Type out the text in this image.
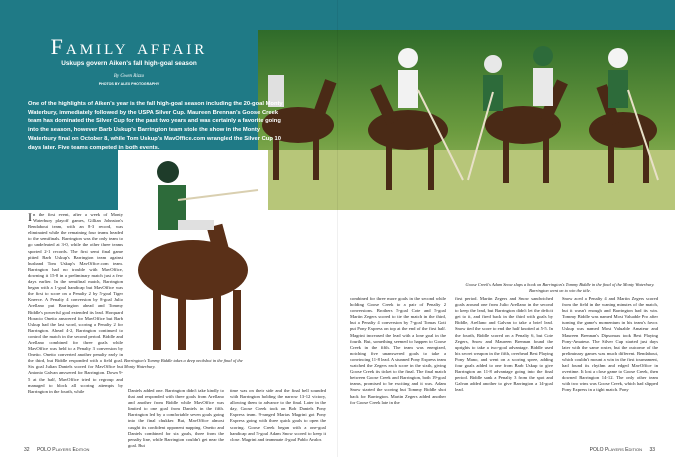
Family affair
Uskups govern Aiken's fall high-goal season
By Gwen Rizzo
PHOTOS BY ALEX PHOTOGRAPHY
One of the highlights of Aiken's year is the fall high-goal season including the 20-goal Monty Waterbury, immediately followed by the USPA Silver Cup. Maureen Brennan's Goose Creek team has dominated the Silver Cup for the past two years and was certainly a favorite going into the season, however Barb Uskup's Barrington team stole the show in the Monty Waterbury final on October 8, while Tom Uskup's MavOffice.com wrangled the Silver Cup 10 days later. Five teams competed in both events.
In the first event, after a week of Monty Waterbury playoff games, Gillian Johnston's Bendabout team, with an 8-3 record, was eliminated while the remaining four teams headed to the semifinals. Barrington was the only team to go undefeated at 3-0, while the other three teams sported 2-1 records. The first semi final game pitted Barb Uskup's Barrington team against husband Tom Uskup's MavOffice.com team. Barrington had no trouble with MavOffice, downing it 15-8 in a preliminary match just a few days earlier. In the semifinal match, Barrington began with a 1-goal handicap but MavOffice was the first to score on a Penalty 2 by 5-goal Tiger Kneece. A Penalty 4 conversion by 8-goal Julio Arellano put Barrington ahead and Tommy Biddle's powerful goal extended its lead. Horquard Horacio Onetto answered for MavOffice but Barb Uskup had the last word, scoring a Penalty 2 for Barrington. Ahead 4-2, Barrington continued to control the match in the second period. Biddle and Arellano combined for three goals while MavOffice was held to a Penalty 3 conversion by Onetto. Onetto converted another penalty early in the third, but Biddle responded with a field goal. Six goal Julian Daniels scored for MavOffice but Antonio Galvan answered for Barrington. Down 9-5 at the half, MavOffice tried to regroup and managed to block all scoring attempts by Barrington in the fourth, while	Daniels added one. Barrington didn't take kindly to that and responded with three goals from Arellano and another from Biddle while MavOffice was limited to one goal from Daniels in the fifth. Barrington led by a comfortable seven goals going into the final chukker. But, MavOffice almost caught its confident opponent napping. Onetto and Daniels combined for six goals, three from the penalty line, while Barrington couldn't get near the goal. But
time was on their side and the final bell sounded with Barrington holding the narrow 13-12 victory, allowing them to advance to the final. Later in the day, Goose Creek took on Bob Daniels Pony Express team. 9-ranged Marias Magrini got Pony Express going with three quick goals to open the scoring. Goose Creek began with a one-goal handicap and 5-goal Adam Snow scored to keep it close. Magrini and teammate 4-goal Pablo Avalos
combined for three more goals in the second while holding Goose Creek to a pair of Penalty 2 conversions. Brothers 5-goal Cote and 5-goal Martin Zegers scored to tie the match in the third, but a Penalty 4 conversion by 7-goal Tomas Goti put Pony Express on top at the end of the first half. Magrini increased the lead with a lone goal in the fourth. But, something seemed to happen to Goose Creek in the fifth. The team was energized, notching five unanswered goals to take a convincing 11-8 lead. A stunned Pony Express team watched the Zegers each score in the sixth, giving Goose Creek its ticket to the final. The final match between Goose Creek and Barrington, both 19-goal teams, promised to be exciting and it was. Adam Snow started the scoring but Tommy Biddle shot back for Barrington. Martin Zegers added another for Goose Creek late in the
first period. Martin Zegers and Snow sandwiched goals around one from Julio Arellano in the second to keep the lead, but Barrington didn't let the deficit get to it, and fired back in the third with goals by Biddle, Arellano and Galvan to take a brief lead. Snow tied the score to end the half knotted at 5-5. In the fourth, Biddle scored on a Penalty 6, but Cote Zegers, Snow and Maureen Brennan found the uprights to take a two-goal advantage. Biddle used his secret weapon in the fifth, overhead Best Playing Pony Mano, and went on a scoring spree, adding four goals added to one from Barb Uskup to give Barrington an 11-8 advantage going into the final period. Biddle sank a Penalty 3 from the spot and Galvan added another to give Barrington a 14-goal lead.
Snow aced a Penalty 4 and Martin Zegers scored from the field in the waning minutes of the match, but it wasn't enough and Barrington had its win. Tommy Biddle was named Most Valuable Pro after turning the game's momentum in his team's favor. Uskup was named Most Valuable Amateur and Maureen Brennan's Dipsomax took Best Playing Pony-Amateur. The Silver Cup started just days later with the same roster, but the outcome of the preliminary games was much different. Bendabout, which couldn't mount a win in the first tournament, had found its rhythm and edged MavOffice in overtime. It lost a close game to Goose Creek, then downed Barrington 14-12. The only other team with two wins was Goose Creek, which had slipped Pony Express in a tight match. Pony
Barrington's Tommy Biddle takes a deep neckshot in the final of the Monty Waterbury.
Goose Creek's Adam Snow slaps a hook on Barrington's Tommy Biddle in the final of the Monty Waterbury. Barrington went on to win the title.
32 POLO Players Edition	POLO Players Edition 33
